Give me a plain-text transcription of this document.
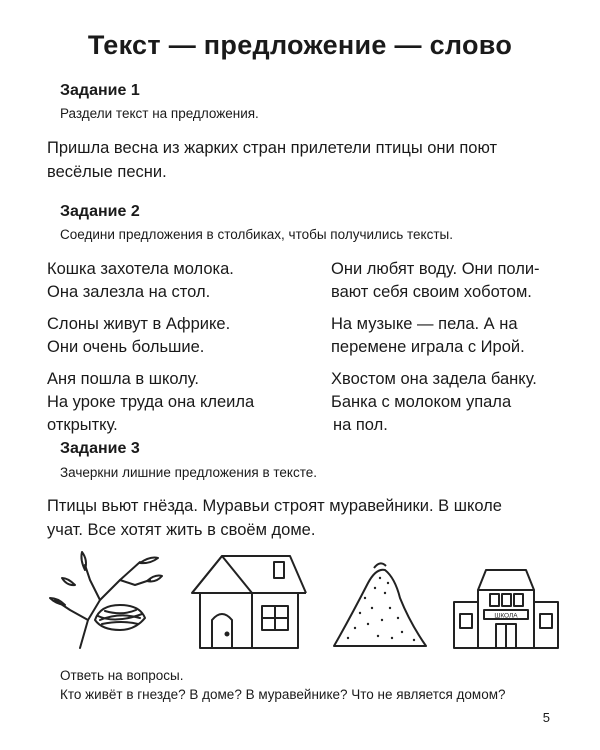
Текст — предложение — слово
Задание 1
Раздели текст на предложения.
Пришла весна из жарких стран прилетели птицы они поют
весёлые песни.
Задание 2
Соедини предложения в столбиках, чтобы получились тексты.
Кошка захотела молока.
Она залезла на стол.
Слоны живут в Африке.
Они очень большие.
Аня пошла в школу.
На уроке труда она клеила
открытку.
Они любят воду. Они поли-
вают себя своим хоботом.
На музыке — пела. А на
перемене играла с Ирой.
Хвостом она задела банку.
Банка с молоком упала
на пол.
Задание 3
Зачеркни лишние предложения в тексте.
Птицы вьют гнёзда. Муравьи строят муравейники. В школе
учат. Все хотят жить в своём доме.
ШКОЛА
Ответь на вопросы.
Кто живёт в гнезде? В доме? В муравейнике? Что не является домом?
5
